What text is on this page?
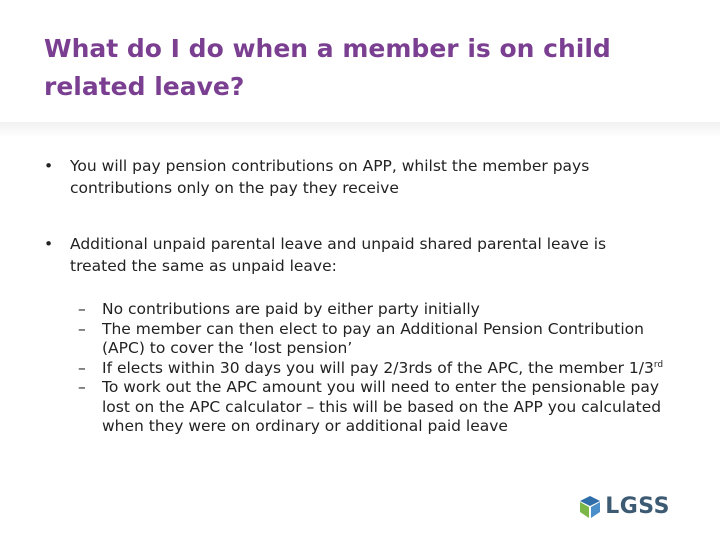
What do I do when a member is on child related leave?
• You will pay pension contributions on APP, whilst the member pays contributions only on the pay they receive
• Additional unpaid parental leave and unpaid shared parental leave is treated the same as unpaid leave:
– No contributions are paid by either party initially
– The member can then elect to pay an Additional Pension Contribution (APC) to cover the ‘lost pension’
– If elects within 30 days you will pay 2/3rds of the APC, the member 1/3rd
– To work out the APC amount you will need to enter the pensionable pay lost on the APC calculator – this will be based on the APP you calculated when they were on ordinary or additional paid leave
LGSS
